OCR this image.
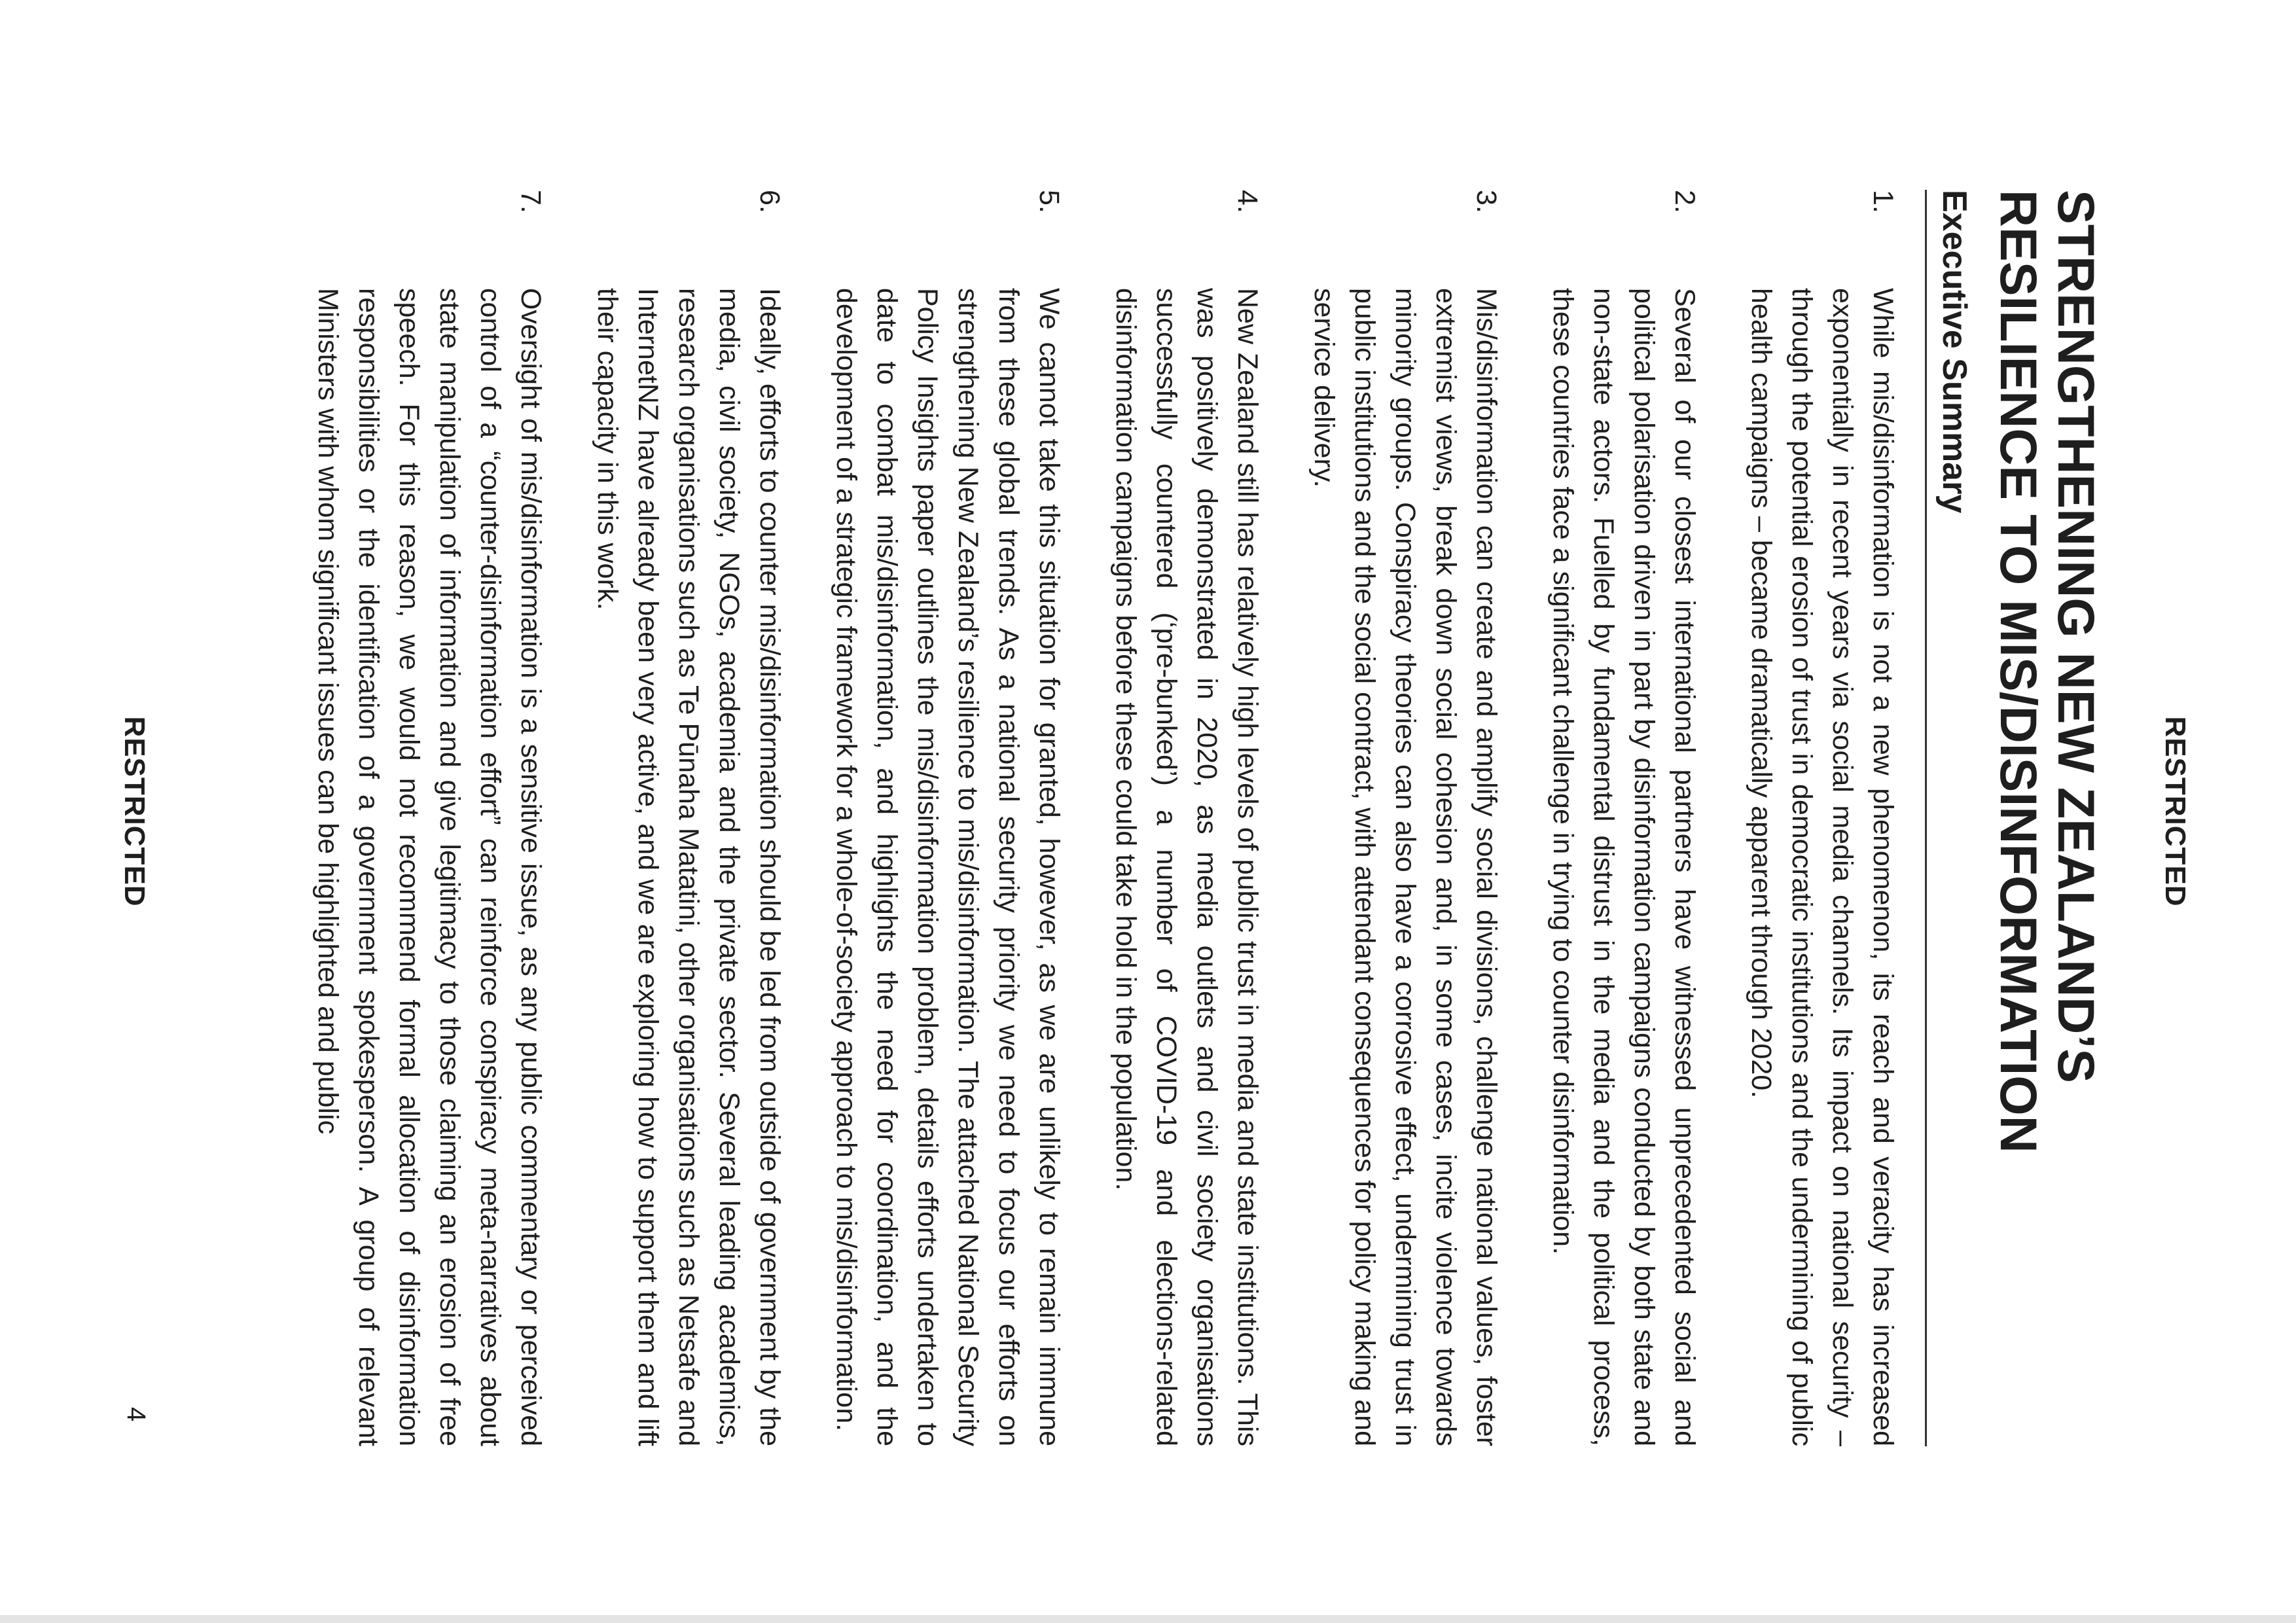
RESTRICTED
STRENGTHENING NEW ZEALAND’S
RESILIENCE TO MIS/DISINFORMATION
Executive Summary
1.
While mis/disinformation is not a new phenomenon, its reach and veracity has increased exponentially in recent years via social media channels. Its impact on national security – through the potential erosion of trust in democratic institutions and the undermining of public health campaigns – became dramatically apparent through 2020.
2.
Several of our closest international partners have witnessed unprecedented social and political polarisation driven in part by disinformation campaigns conducted by both state and non-state actors. Fuelled by fundamental distrust in the media and the political process, these countries face a significant challenge in trying to counter disinformation.
3.
Mis/disinformation can create and amplify social divisions, challenge national values, foster extremist views, break down social cohesion and, in some cases, incite violence towards minority groups. Conspiracy theories can also have a corrosive effect, undermining trust in public institutions and the social contract, with attendant consequences for policy making and service delivery.
4.
New Zealand still has relatively high levels of public trust in media and state institutions. This was positively demonstrated in 2020, as media outlets and civil society organisations successfully countered (‘pre-bunked’) a number of COVID-19 and elections-related disinformation campaigns before these could take hold in the population.
5.
We cannot take this situation for granted, however, as we are unlikely to remain immune from these global trends. As a national security priority we need to focus our efforts on strengthening New Zealand’s resilience to mis/disinformation. The attached National Security Policy Insights paper outlines the mis/disinformation problem, details efforts undertaken to date to combat mis/disinformation, and highlights the need for coordination, and the development of a strategic framework for a whole-of-society approach to mis/disinformation.
6.
Ideally, efforts to counter mis/disinformation should be led from outside of government by the media, civil society, NGOs, academia and the private sector. Several leading academics, research organisations such as Te Pūnaha Matatini, other organisations such as Netsafe and InternetNZ have already been very active, and we are exploring how to support them and lift their capacity in this work.
7.
Oversight of mis/disinformation is a sensitive issue, as any public commentary or perceived control of a “counter-disinformation effort” can reinforce conspiracy meta-narratives about state manipulation of information and give legitimacy to those claiming an erosion of free speech. For this reason, we would not recommend formal allocation of disinformation responsibilities or the identification of a government spokesperson. A group of relevant Ministers with whom significant issues can be highlighted and public
RESTRICTED
4
